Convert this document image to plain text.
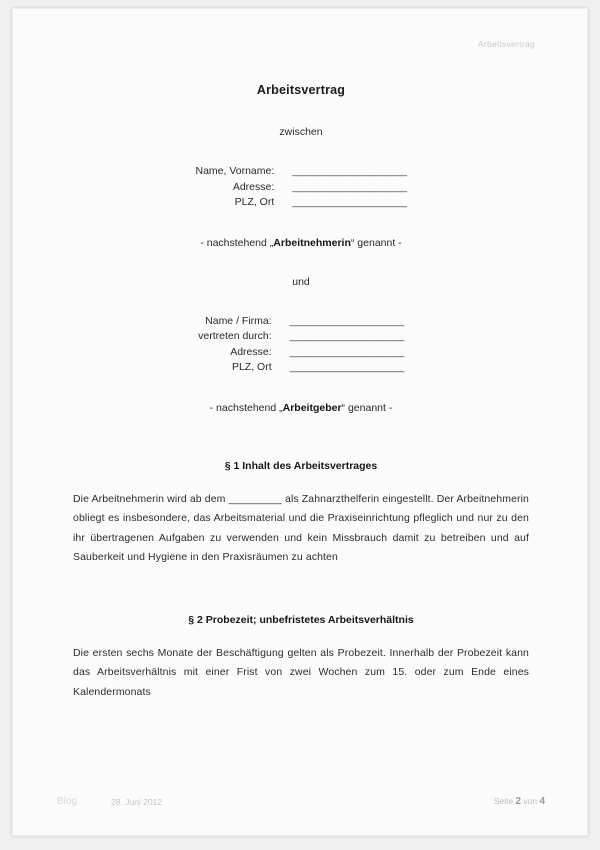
Arbeitsvertrag
Arbeitsvertrag
zwischen
Name, Vorname:	_____________________
Adresse:	_____________________
PLZ, Ort	_____________________
- nachstehend „Arbeitnehmerin“ genannt -
und
Name / Firma:	_____________________
vertreten durch:	_____________________
Adresse:	_____________________
PLZ, Ort	_____________________
- nachstehend „Arbeitgeber“ genannt -
§ 1 Inhalt des Arbeitsvertrages
Die Arbeitnehmerin wird ab dem _________ als Zahnarzthelferin eingestellt. Der Arbeitnehmerin obliegt es insbesondere, das Arbeitsmaterial und die Praxiseinrichtung pfleglich und nur zu den ihr übertragenen Aufgaben zu verwenden und kein Missbrauch damit zu betreiben und auf Sauberkeit und Hygiene in den Praxisräumen zu achten
§ 2 Probezeit; unbefristetes Arbeitsverhältnis
Die ersten sechs Monate der Beschäftigung gelten als Probezeit. Innerhalb der Probezeit kann das Arbeitsverhältnis mit einer Frist von zwei Wochen zum 15. oder zum Ende eines Kalendermonats
Blog	28. Juni 2012	Seite 2 von 4
